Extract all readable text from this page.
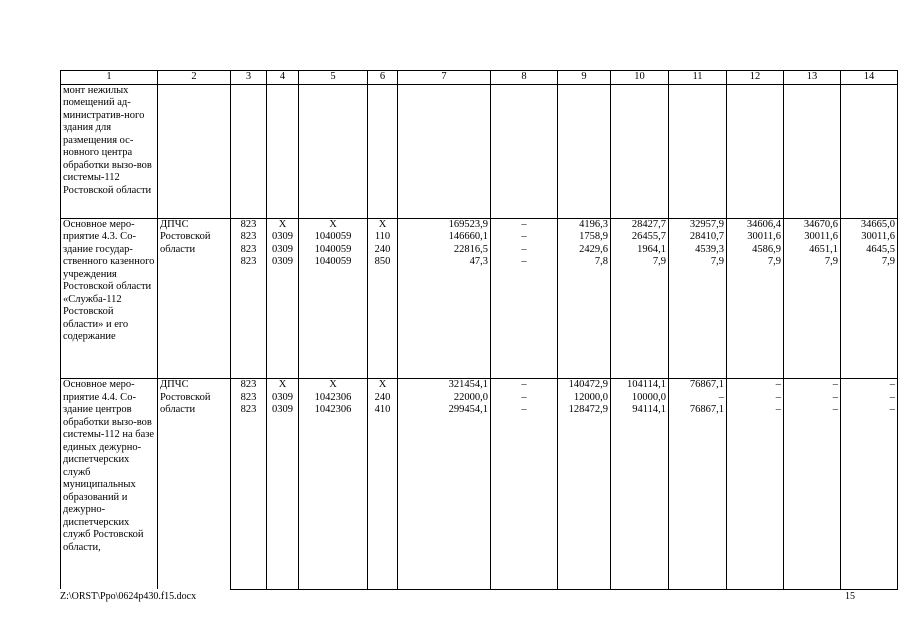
1	2	3	4	5	6	7	8	9	10	11	12	13	14
монт нежилых помещений ад-министратив-ного здания для размещения ос-новного центра обработки вызо-вов системы-112 Ростовской области													
Основное меро-приятие 4.3. Со-здание государ-ственного казенного учреждения Ростовской области «Служба-112 Ростовской области» и его содержание	ДПЧС Ростовской области	823	Х	Х	Х	169523,9	–	4196,3	28427,7	32957,9	34606,4	34670,6	34665,0
		823	0309	1040059	110	146660,1	–	1758,9	26455,7	28410,7	30011,6	30011,6	30011,6
		823	0309	1040059	240	22816,5	–	2429,6	1964,1	4539,3	4586,9	4651,1	4645,5
		823	0309	1040059	850	47,3	–	7,8	7,9	7,9	7,9	7,9	7,9
Основное меро-приятие 4.4. Со-здание центров обработки вызо-вов системы-112 на базе единых дежурно-диспетчерских служб муниципальных образований и дежурно-диспетчерских служб Ростовской области,	ДПЧС Ростовской области	823	Х	Х	Х	321454,1	–	140472,9	104114,1	76867,1	–	–	–
		823	0309	1042306	240	22000,0	–	12000,0	10000,0	–	–	–	–
		823	0309	1042306	410	299454,1	–	128472,9	94114,1	76867,1	–	–	–
Z:\ORST\Ppo\0624p430.f15.docx	15
